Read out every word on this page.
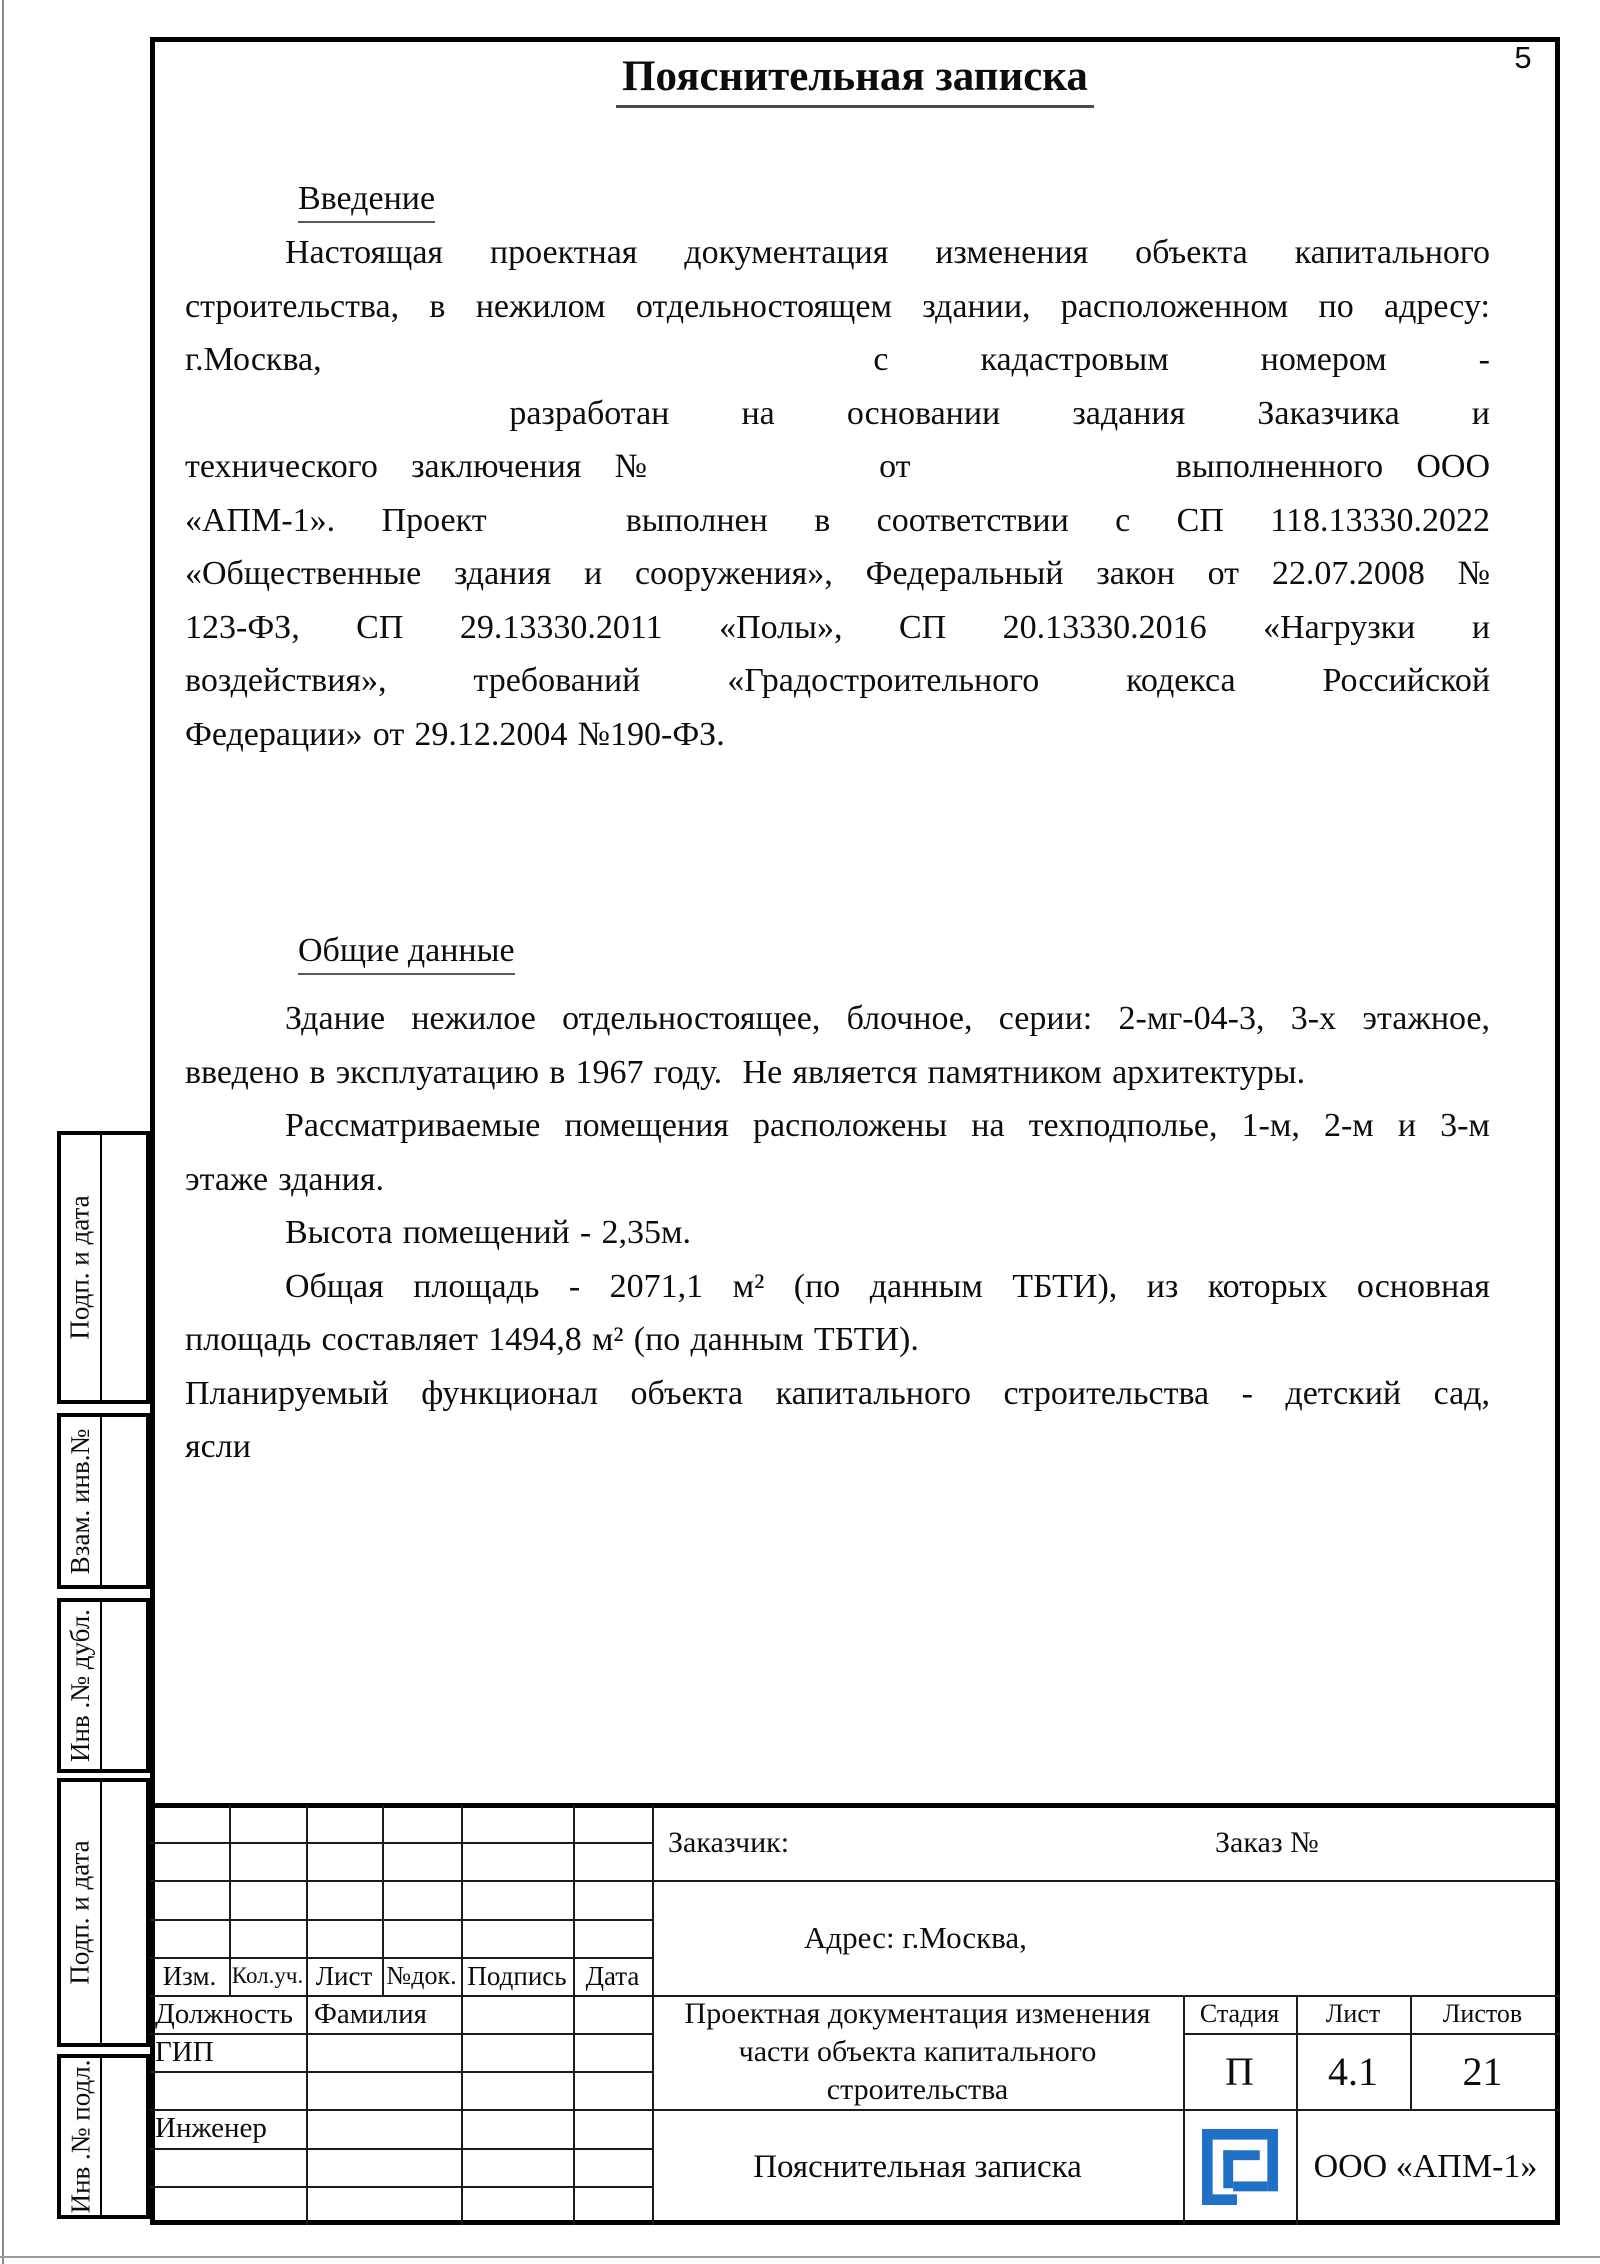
5
Пояснительная записка
Введение
Настоящая проектная документация изменения объекта капитального
строительства, в нежилом отдельностоящем здании, расположенном по адресу:
г.Москва,	с	кадастровым	номером	-
разработан на основании задания Заказчика и
технического заключения №	от	выполненного ООО
«АПМ-1». Проект	выполнен в соответствии с СП 118.13330.2022
«Общественные здания и сооружения», Федеральный закон от 22.07.2008 №
123-ФЗ, СП 29.13330.2011 «Полы», СП 20.13330.2016 «Нагрузки и
воздействия»,	требований	«Градостроительного	кодекса	Российской
Федерации» от 29.12.2004 №190-ФЗ.
Общие данные
Здание нежилое отдельностоящее, блочное, серии: 2-мг-04-3, 3-х этажное,
введено в эксплуатацию в 1967 году. Не является памятником архитектуры.
Рассматриваемые помещения расположены на техподполье, 1-м, 2-м и 3-м
этаже здания.
Высота помещений - 2,35м.
Общая площадь - 2071,1 м² (по данным ТБТИ), из которых основная
площадь составляет 1494,8 м² (по данным ТБТИ).
Планируемый функционал объекта капитального строительства - детский сад,
ясли
Подп. и дата
Взам. инв.№
Инв .№ дубл.
Подп. и дата
Инв .№ подл.
Заказчик:	Заказ №
Адрес: г.Москва,
Изм. Кол.уч. Лист №док. Подпись Дата
Должность Фамилия
ГИП
Инженер
Проектная документация изменения
части объекта капитального
строительства
Стадия	Лист	Листов
П	4.1	21
Пояснительная записка	ООО «АПМ-1»
